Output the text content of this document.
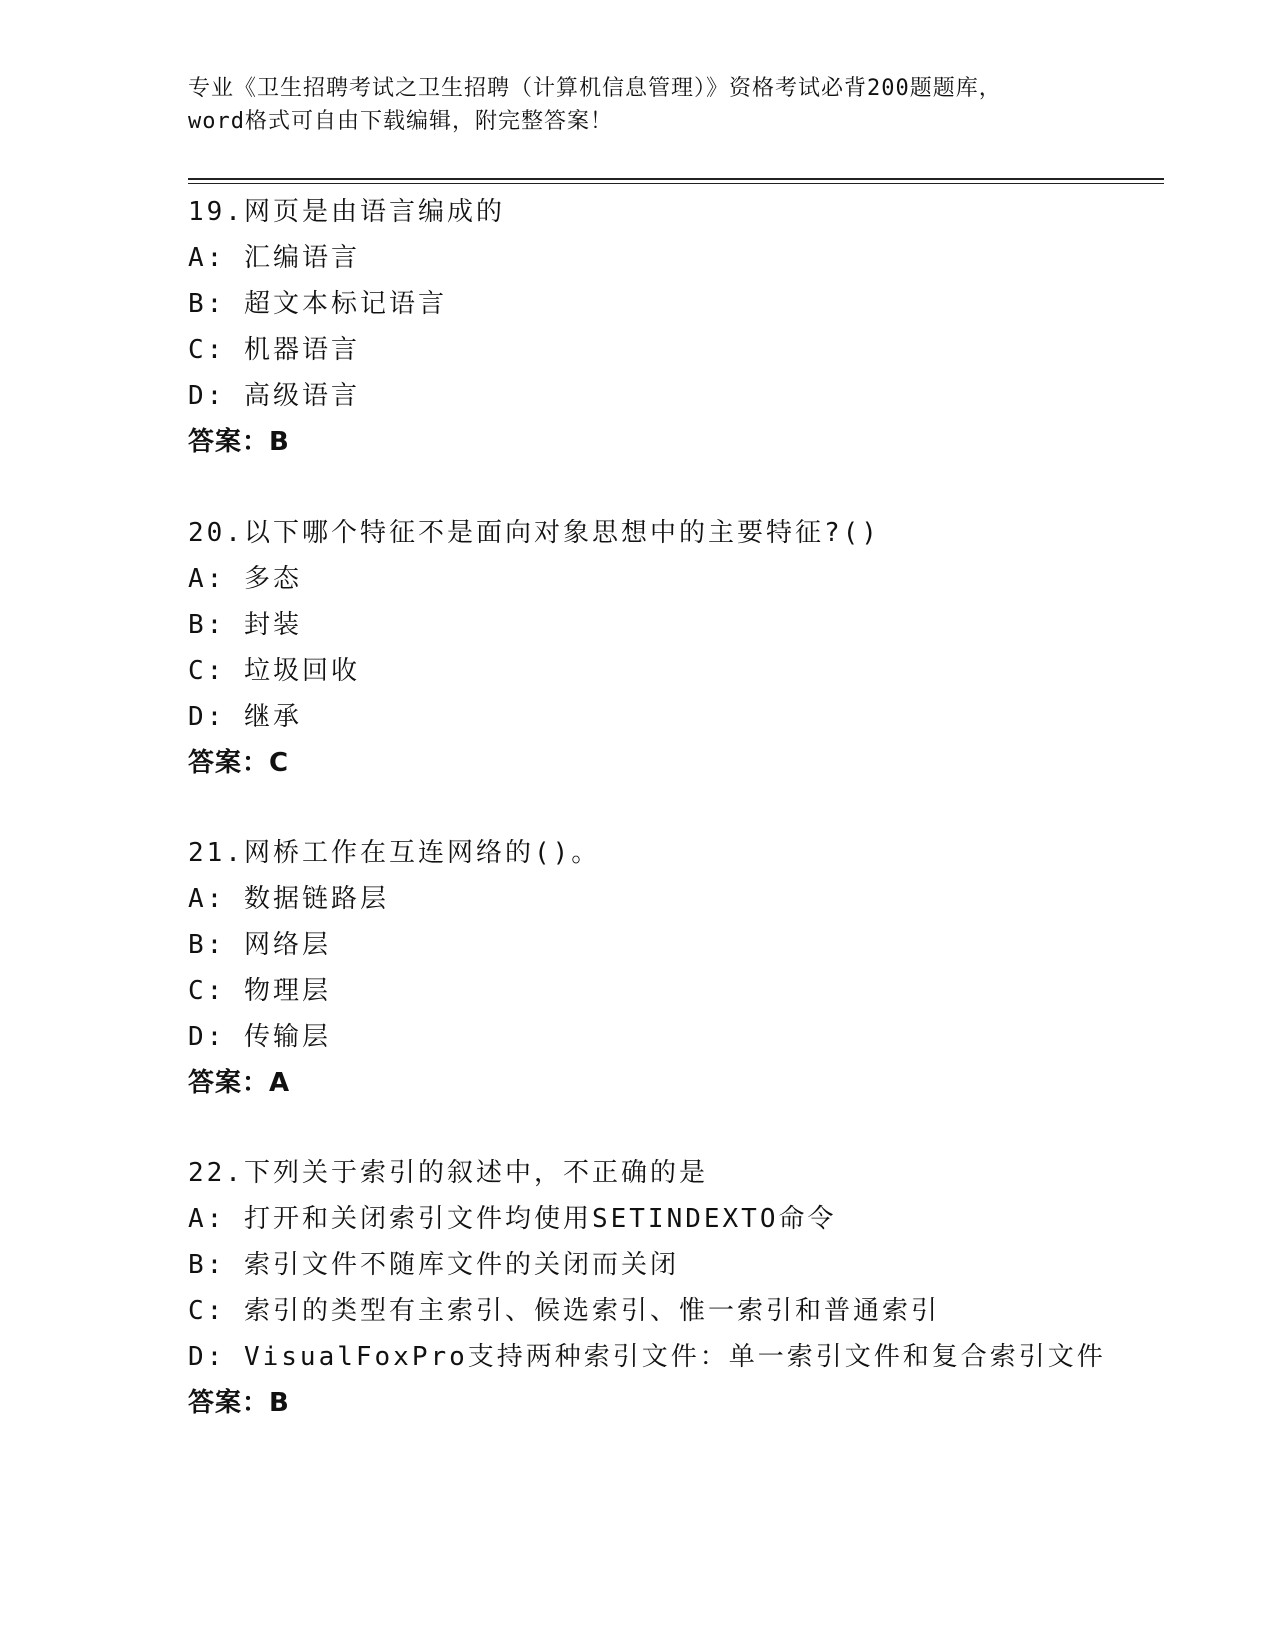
专业《卫生招聘考试之卫生招聘（计算机信息管理）》资格考试必背200题题库，
word格式可自由下载编辑，附完整答案！
19.网页是由语言编成的
A: 汇编语言
B: 超文本标记语言
C: 机器语言
D: 高级语言
答案：B
20.以下哪个特征不是面向对象思想中的主要特征?()
A: 多态
B: 封装
C: 垃圾回收
D: 继承
答案：C
21.网桥工作在互连网络的()。
A: 数据链路层
B: 网络层
C: 物理层
D: 传输层
答案：A
22.下列关于索引的叙述中，不正确的是
A: 打开和关闭索引文件均使用SETINDEXTO命令
B: 索引文件不随库文件的关闭而关闭
C: 索引的类型有主索引、候选索引、惟一索引和普通索引
D: VisualFoxPro支持两种索引文件：单一索引文件和复合索引文件
答案：B
